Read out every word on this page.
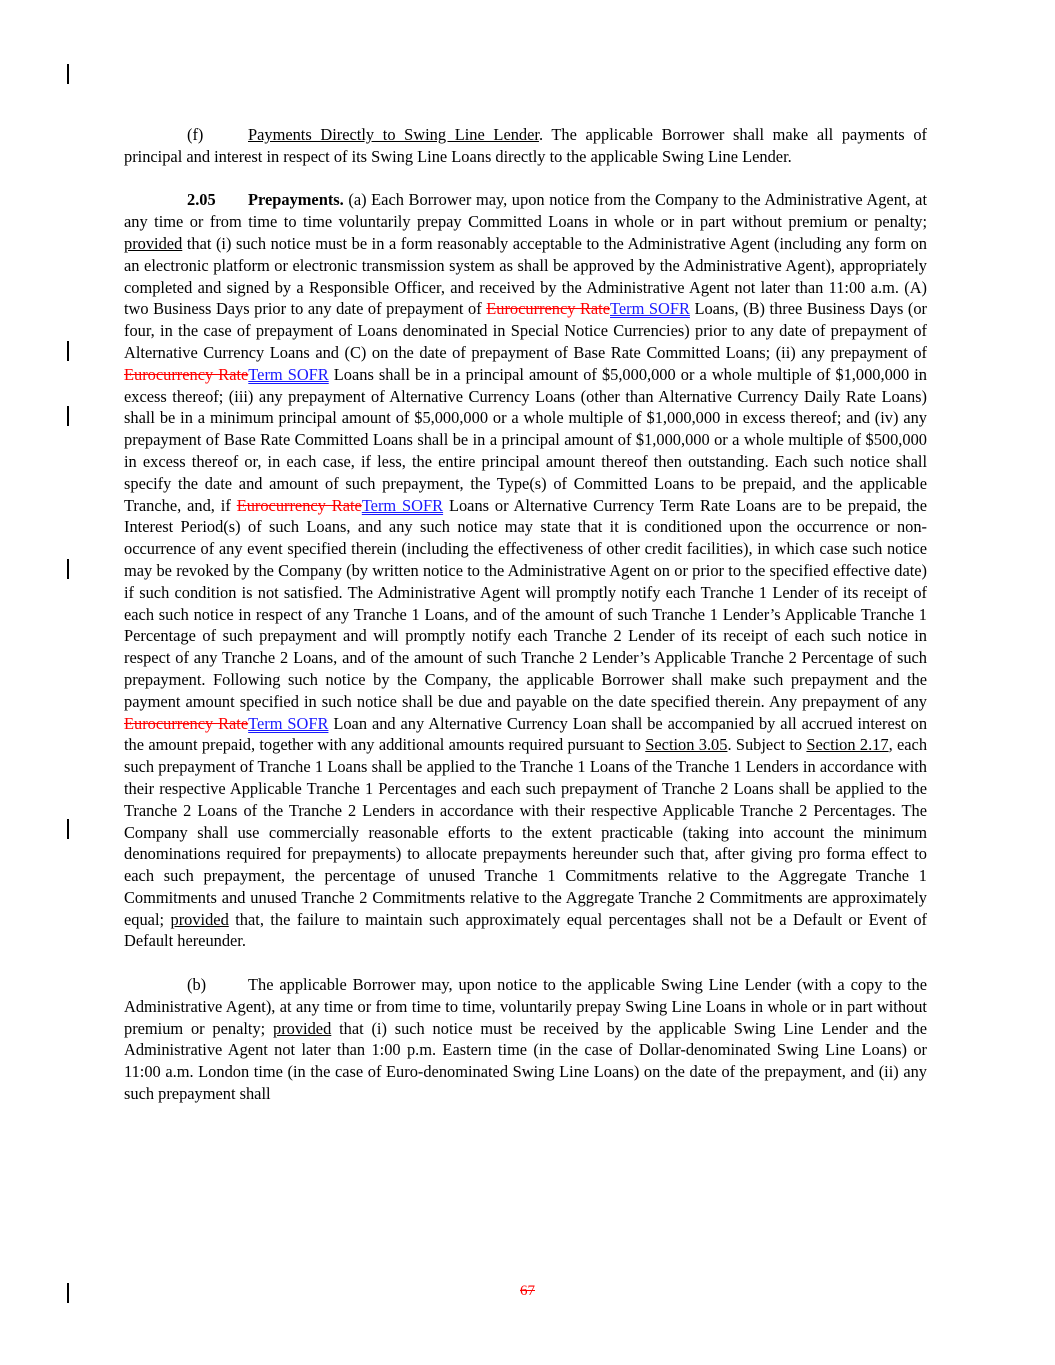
(f)	Payments Directly to Swing Line Lender. The applicable Borrower shall make all payments of principal and interest in respect of its Swing Line Loans directly to the applicable Swing Line Lender.

2.05 Prepayments. (a) Each Borrower may, upon notice from the Company to the Administrative Agent, at any time or from time to time voluntarily prepay Committed Loans in whole or in part without premium or penalty; provided that (i) such notice must be in a form reasonably acceptable to the Administrative Agent (including any form on an electronic platform or electronic transmission system as shall be approved by the Administrative Agent), appropriately completed and signed by a Responsible Officer, and received by the Administrative Agent not later than 11:00 a.m. (A) two Business Days prior to any date of prepayment of Eurocurrency RateTerm SOFR Loans, (B) three Business Days (or four, in the case of prepayment of Loans denominated in Special Notice Currencies) prior to any date of prepayment of Alternative Currency Loans and (C) on the date of prepayment of Base Rate Committed Loans; (ii) any prepayment of Eurocurrency RateTerm SOFR Loans shall be in a principal amount of $5,000,000 or a whole multiple of $1,000,000 in excess thereof; (iii) any prepayment of Alternative Currency Loans (other than Alternative Currency Daily Rate Loans) shall be in a minimum principal amount of $5,000,000 or a whole multiple of $1,000,000 in excess thereof; and (iv) any prepayment of Base Rate Committed Loans shall be in a principal amount of $1,000,000 or a whole multiple of $500,000 in excess thereof or, in each case, if less, the entire principal amount thereof then outstanding. Each such notice shall specify the date and amount of such prepayment, the Type(s) of Committed Loans to be prepaid, and the applicable Tranche, and, if Eurocurrency RateTerm SOFR Loans or Alternative Currency Term Rate Loans are to be prepaid, the Interest Period(s) of such Loans, and any such notice may state that it is conditioned upon the occurrence or non-occurrence of any event specified therein (including the effectiveness of other credit facilities), in which case such notice may be revoked by the Company (by written notice to the Administrative Agent on or prior to the specified effective date) if such condition is not satisfied. The Administrative Agent will promptly notify each Tranche 1 Lender of its receipt of each such notice in respect of any Tranche 1 Loans, and of the amount of such Tranche 1 Lender’s Applicable Tranche 1 Percentage of such prepayment and will promptly notify each Tranche 2 Lender of its receipt of each such notice in respect of any Tranche 2 Loans, and of the amount of such Tranche 2 Lender’s Applicable Tranche 2 Percentage of such prepayment. Following such notice by the Company, the applicable Borrower shall make such prepayment and the payment amount specified in such notice shall be due and payable on the date specified therein. Any prepayment of any Eurocurrency RateTerm SOFR Loan and any Alternative Currency Loan shall be accompanied by all accrued interest on the amount prepaid, together with any additional amounts required pursuant to Section 3.05. Subject to Section 2.17, each such prepayment of Tranche 1 Loans shall be applied to the Tranche 1 Loans of the Tranche 1 Lenders in accordance with their respective Applicable Tranche 1 Percentages and each such prepayment of Tranche 2 Loans shall be applied to the Tranche 2 Loans of the Tranche 2 Lenders in accordance with their respective Applicable Tranche 2 Percentages. The Company shall use commercially reasonable efforts to the extent practicable (taking into account the minimum denominations required for prepayments) to allocate prepayments hereunder such that, after giving pro forma effect to each such prepayment, the percentage of unused Tranche 1 Commitments relative to the Aggregate Tranche 1 Commitments and unused Tranche 2 Commitments relative to the Aggregate Tranche 2 Commitments are approximately equal; provided that, the failure to maintain such approximately equal percentages shall not be a Default or Event of Default hereunder.

(b)	The applicable Borrower may, upon notice to the applicable Swing Line Lender (with a copy to the Administrative Agent), at any time or from time to time, voluntarily prepay Swing Line Loans in whole or in part without premium or penalty; provided that (i) such notice must be received by the applicable Swing Line Lender and the Administrative Agent not later than 1:00 p.m. Eastern time (in the case of Dollar-denominated Swing Line Loans) or 11:00 a.m. London time (in the case of Euro-denominated Swing Line Loans) on the date of the prepayment, and (ii) any such prepayment shall

67
